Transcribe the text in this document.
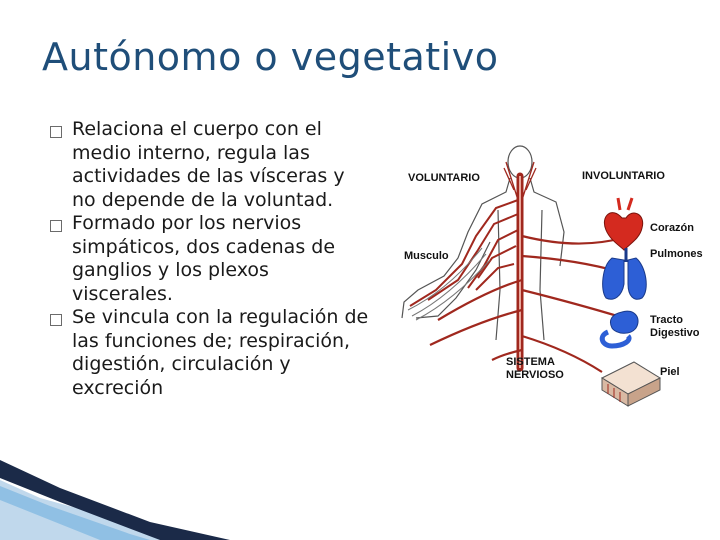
Autónomo o vegetativo
Relaciona el cuerpo con el medio interno, regula las actividades de las vísceras y no depende de la voluntad.
Formado por los nervios simpáticos, dos cadenas de ganglios y los plexos viscerales.
Se vincula con la regulación de las funciones de; respiración, digestión, circulación y excreción
VOLUNTARIO	INVOLUNTARIO
Corazón
Musculo	Pulmones
Tracto
Digestivo
SISTEMA
NERVIOSO	Piel
